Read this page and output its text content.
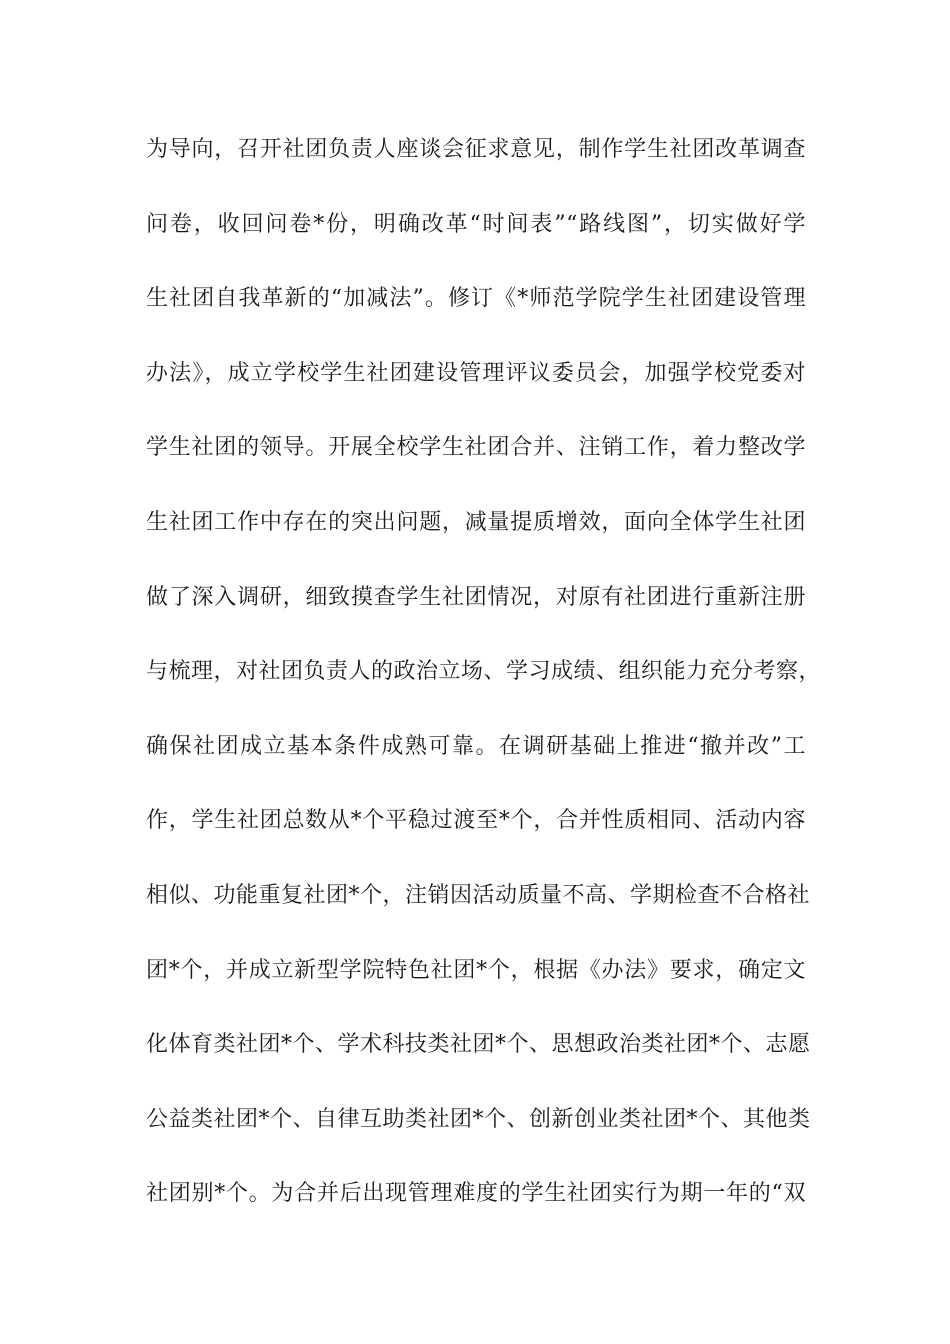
为导向，召开社团负责人座谈会征求意见，制作学生社团改革调查
问卷，收回问卷*份，明确改革“时间表”“路线图”，切实做好学
生社团自我革新的“加减法”。修订《*师范学院学生社团建设管理
办法》，成立学校学生社团建设管理评议委员会，加强学校党委对
学生社团的领导。开展全校学生社团合并、注销工作，着力整改学
生社团工作中存在的突出问题，减量提质增效，面向全体学生社团
做了深入调研，细致摸查学生社团情况，对原有社团进行重新注册
与梳理，对社团负责人的政治立场、学习成绩、组织能力充分考察，
确保社团成立基本条件成熟可靠。在调研基础上推进“撤并改”工
作，学生社团总数从*个平稳过渡至*个，合并性质相同、活动内容
相似、功能重复社团*个，注销因活动质量不高、学期检查不合格社
团*个，并成立新型学院特色社团*个，根据《办法》要求，确定文
化体育类社团*个、学术科技类社团*个、思想政治类社团*个、志愿
公益类社团*个、自律互助类社团*个、创新创业类社团*个、其他类
社团别*个。为合并后出现管理难度的学生社团实行为期一年的“双
